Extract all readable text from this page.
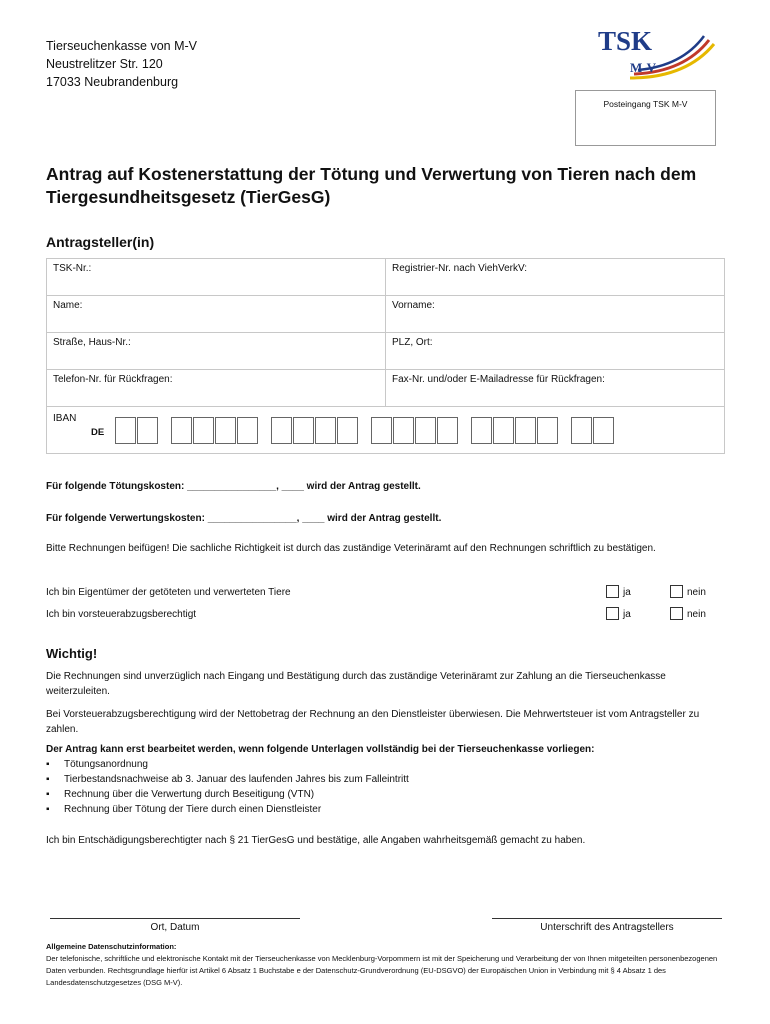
Tierseuchenkasse von M-V
Neustrelitzer Str. 120
17033 Neubrandenburg
TSK
M-V
Posteingang TSK M-V
Antrag auf Kostenerstattung der Tötung und Verwertung von Tieren nach dem Tiergesundheitsgesetz (TierGesG)
Antragsteller(in)
TSK-Nr.:	Registrier-Nr. nach ViehVerkV:
Name:	Vorname:
Straße, Haus-Nr.:	PLZ, Ort:
Telefon-Nr. für Rückfragen:	Fax-Nr. und/oder E-Mailadresse für Rückfragen:
IBAN
DE
Für folgende Tötungskosten: ________________, ____ wird der Antrag gestellt.
Für folgende Verwertungskosten: ________________, ____ wird der Antrag gestellt.
Bitte Rechnungen beifügen! Die sachliche Richtigkeit ist durch das zuständige Veterinäramt auf den Rechnungen schriftlich zu bestätigen.
Ich bin Eigentümer der getöteten und verwerteten Tiere	ja	nein
Ich bin vorsteuerabzugsberechtigt	ja	nein
Wichtig!
Die Rechnungen sind unverzüglich nach Eingang und Bestätigung durch das zuständige Veterinäramt zur Zahlung an die Tierseuchenkasse weiterzuleiten.
Bei Vorsteuerabzugsberechtigung wird der Nettobetrag der Rechnung an den Dienstleister überwiesen. Die Mehrwertsteuer ist vom Antragsteller zu zahlen.
Der Antrag kann erst bearbeitet werden, wenn folgende Unterlagen vollständig bei der Tierseuchenkasse vorliegen:
▪ Tötungsanordnung
▪ Tierbestandsnachweise ab 3. Januar des laufenden Jahres bis zum Falleintritt
▪ Rechnung über die Verwertung durch Beseitigung (VTN)
▪ Rechnung über Tötung der Tiere durch einen Dienstleister
Ich bin Entschädigungsberechtigter nach § 21 TierGesG und bestätige, alle Angaben wahrheitsgemäß gemacht zu haben.
Ort, Datum	Unterschrift des Antragstellers
Allgemeine Datenschutzinformation:
Der telefonische, schriftliche und elektronische Kontakt mit der Tierseuchenkasse von Mecklenburg-Vorpommern ist mit der Speicherung und Verarbeitung der von Ihnen mitgeteilten personenbezogenen Daten verbunden. Rechtsgrundlage hierfür ist Artikel 6 Absatz 1 Buchstabe e der Datenschutz-Grundverordnung (EU-DSGVO) der Europäischen Union in Verbindung mit § 4 Absatz 1 des Landesdatenschutzgesetzes (DSG M-V).
